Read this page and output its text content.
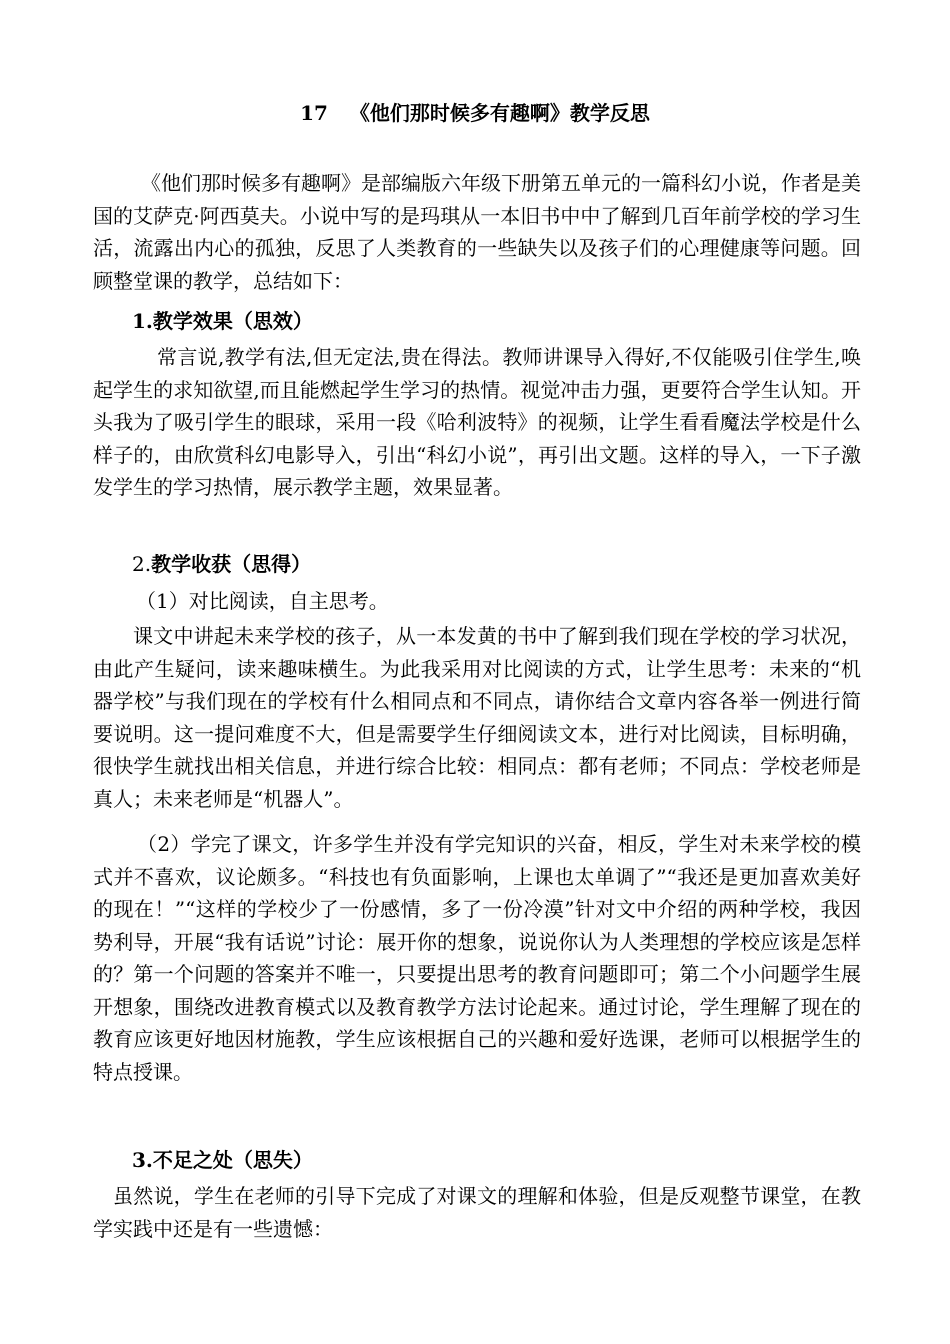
17 《他们那时候多有趣啊》教学反思

《他们那时候多有趣啊》是部编版六年级下册第五单元的一篇科幻小说，作者是美国的艾萨克·阿西莫夫。小说中写的是玛琪从一本旧书中中了解到几百年前学校的学习生活，流露出内心的孤独，反思了人类教育的一些缺失以及孩子们的心理健康等问题。回顾整堂课的教学，总结如下：

1.教学效果（思效）

常言说,教学有法,但无定法,贵在得法。教师讲课导入得好,不仅能吸引住学生,唤起学生的求知欲望,而且能燃起学生学习的热情。视觉冲击力强，更要符合学生认知。开头我为了吸引学生的眼球，采用一段《哈利波特》的视频，让学生看看魔法学校是什么样子的，由欣赏科幻电影导入，引出“科幻小说”，再引出文题。这样的导入，一下子激发学生的学习热情，展示教学主题，效果显著。

2.教学收获（思得）
（1）对比阅读，自主思考。

课文中讲起未来学校的孩子，从一本发黄的书中了解到我们现在学校的学习状况，由此产生疑问，读来趣味横生。为此我采用对比阅读的方式，让学生思考：未来的“机器学校”与我们现在的学校有什么相同点和不同点，请你结合文章内容各举一例进行简要说明。这一提问难度不大，但是需要学生仔细阅读文本，进行对比阅读，目标明确，很快学生就找出相关信息，并进行综合比较：相同点：都有老师；不同点：学校老师是真人；未来老师是“机器人”。

（2）学完了课文，许多学生并没有学完知识的兴奋，相反，学生对未来学校的模式并不喜欢，议论颇多。“科技也有负面影响，上课也太单调了”“我还是更加喜欢美好的现在！”“这样的学校少了一份感情，多了一份冷漠”针对文中介绍的两种学校，我因势利导，开展“我有话说”讨论：展开你的想象，说说你认为人类理想的学校应该是怎样的？第一个问题的答案并不唯一，只要提出思考的教育问题即可；第二个小问题学生展开想象，围绕改进教育模式以及教育教学方法讨论起来。通过讨论，学生理解了现在的教育应该更好地因材施教，学生应该根据自己的兴趣和爱好选课，老师可以根据学生的特点授课。

3.不足之处（思失）

虽然说，学生在老师的引导下完成了对课文的理解和体验，但是反观整节课堂，在教学实践中还是有一些遗憾：
